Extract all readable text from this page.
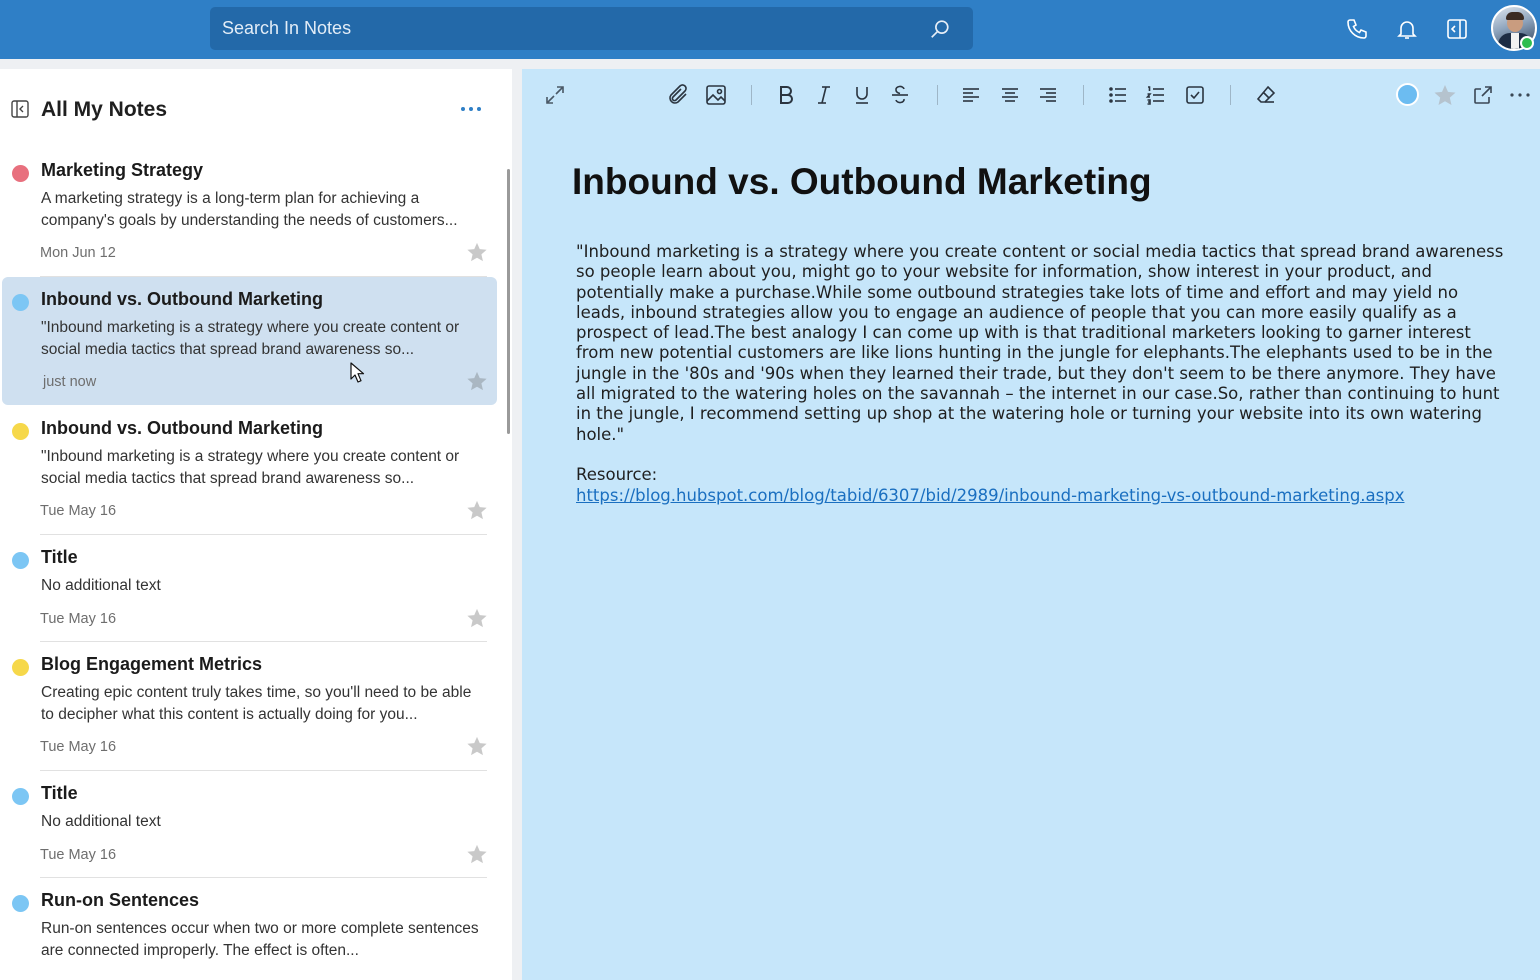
Search In Notes
All My Notes
Marketing Strategy
A marketing strategy is a long-term plan for achieving a company's goals by understanding the needs of customers...
Mon Jun 12
Inbound vs. Outbound Marketing
"Inbound marketing is a strategy where you create content or social media tactics that spread brand awareness so...
just now
Inbound vs. Outbound Marketing
"Inbound marketing is a strategy where you create content or social media tactics that spread brand awareness so...
Tue May 16
Title
No additional text
Tue May 16
Blog Engagement Metrics
Creating epic content truly takes time, so you'll need to be able to decipher what this content is actually doing for you...
Tue May 16
Title
No additional text
Tue May 16
Run-on Sentences
Run-on sentences occur when two or more complete sentences are connected improperly. The effect is often...
Inbound vs. Outbound Marketing
"Inbound marketing is a strategy where you create content or social media tactics that spread brand awareness
so people learn about you, might go to your website for information, show interest in your product, and
potentially make a purchase.While some outbound strategies take lots of time and effort and may yield no
leads, inbound strategies allow you to engage an audience of people that you can more easily qualify as a
prospect of lead.The best analogy I can come up with is that traditional marketers looking to garner interest
from new potential customers are like lions hunting in the jungle for elephants.The elephants used to be in the
jungle in the '80s and '90s when they learned their trade, but they don't seem to be there anymore. They have
all migrated to the watering holes on the savannah – the internet in our case.So, rather than continuing to hunt
in the jungle, I recommend setting up shop at the watering hole or turning your website into its own watering
hole."
Resource:
https://blog.hubspot.com/blog/tabid/6307/bid/2989/inbound-marketing-vs-outbound-marketing.aspx
